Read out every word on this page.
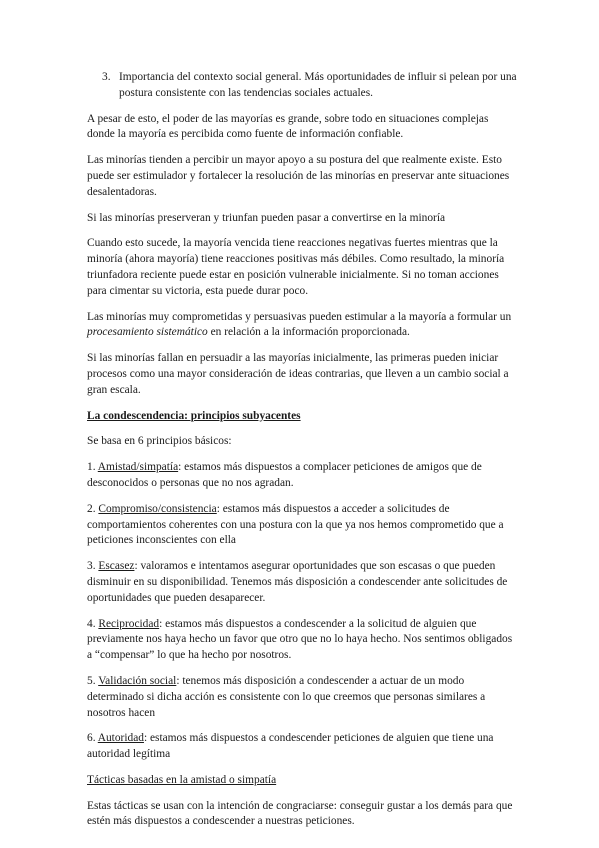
3. Importancia del contexto social general. Más oportunidades de influir si pelean por una postura consistente con las tendencias sociales actuales.

A pesar de esto, el poder de las mayorías es grande, sobre todo en situaciones complejas donde la mayoría es percibida como fuente de información confiable.

Las minorías tienden a percibir un mayor apoyo a su postura del que realmente existe. Esto puede ser estimulador y fortalecer la resolución de las minorías en preservar ante situaciones desalentadoras.

Si las minorías preserveran y triunfan pueden pasar a convertirse en la minoría

Cuando esto sucede, la mayoría vencida tiene reacciones negativas fuertes mientras que la minoría (ahora mayoría) tiene reacciones positivas más débiles. Como resultado, la minoría triunfadora reciente puede estar en posición vulnerable inicialmente. Si no toman acciones para cimentar su victoria, esta puede durar poco.

Las minorías muy comprometidas y persuasivas pueden estimular a la mayoría a formular un procesamiento sistemático en relación a la información proporcionada.

Si las minorías fallan en persuadir a las mayorías inicialmente, las primeras pueden iniciar procesos como una mayor consideración de ideas contrarias, que lleven a un cambio social a gran escala.

La condescendencia: principios subyacentes

Se basa en 6 principios básicos:

1. Amistad/simpatía: estamos más dispuestos a complacer peticiones de amigos que de desconocidos o personas que no nos agradan.

2. Compromiso/consistencia: estamos más dispuestos a acceder a solicitudes de comportamientos coherentes con una postura con la que ya nos hemos comprometido que a peticiones inconscientes con ella

3. Escasez: valoramos e intentamos asegurar oportunidades que son escasas o que pueden disminuir en su disponibilidad. Tenemos más disposición a condescender ante solicitudes de oportunidades que pueden desaparecer.

4. Reciprocidad: estamos más dispuestos a condescender a la solicitud de alguien que previamente nos haya hecho un favor que otro que no lo haya hecho. Nos sentimos obligados a “compensar” lo que ha hecho por nosotros.

5. Validación social: tenemos más disposición a condescender a actuar de un modo determinado si dicha acción es consistente con lo que creemos que personas similares a nosotros hacen

6. Autoridad: estamos más dispuestos a condescender peticiones de alguien que tiene una autoridad legítima

Tácticas basadas en la amistad o simpatía

Estas tácticas se usan con la intención de congraciarse: conseguir gustar a los demás para que estén más dispuestos a condescender a nuestras peticiones.
